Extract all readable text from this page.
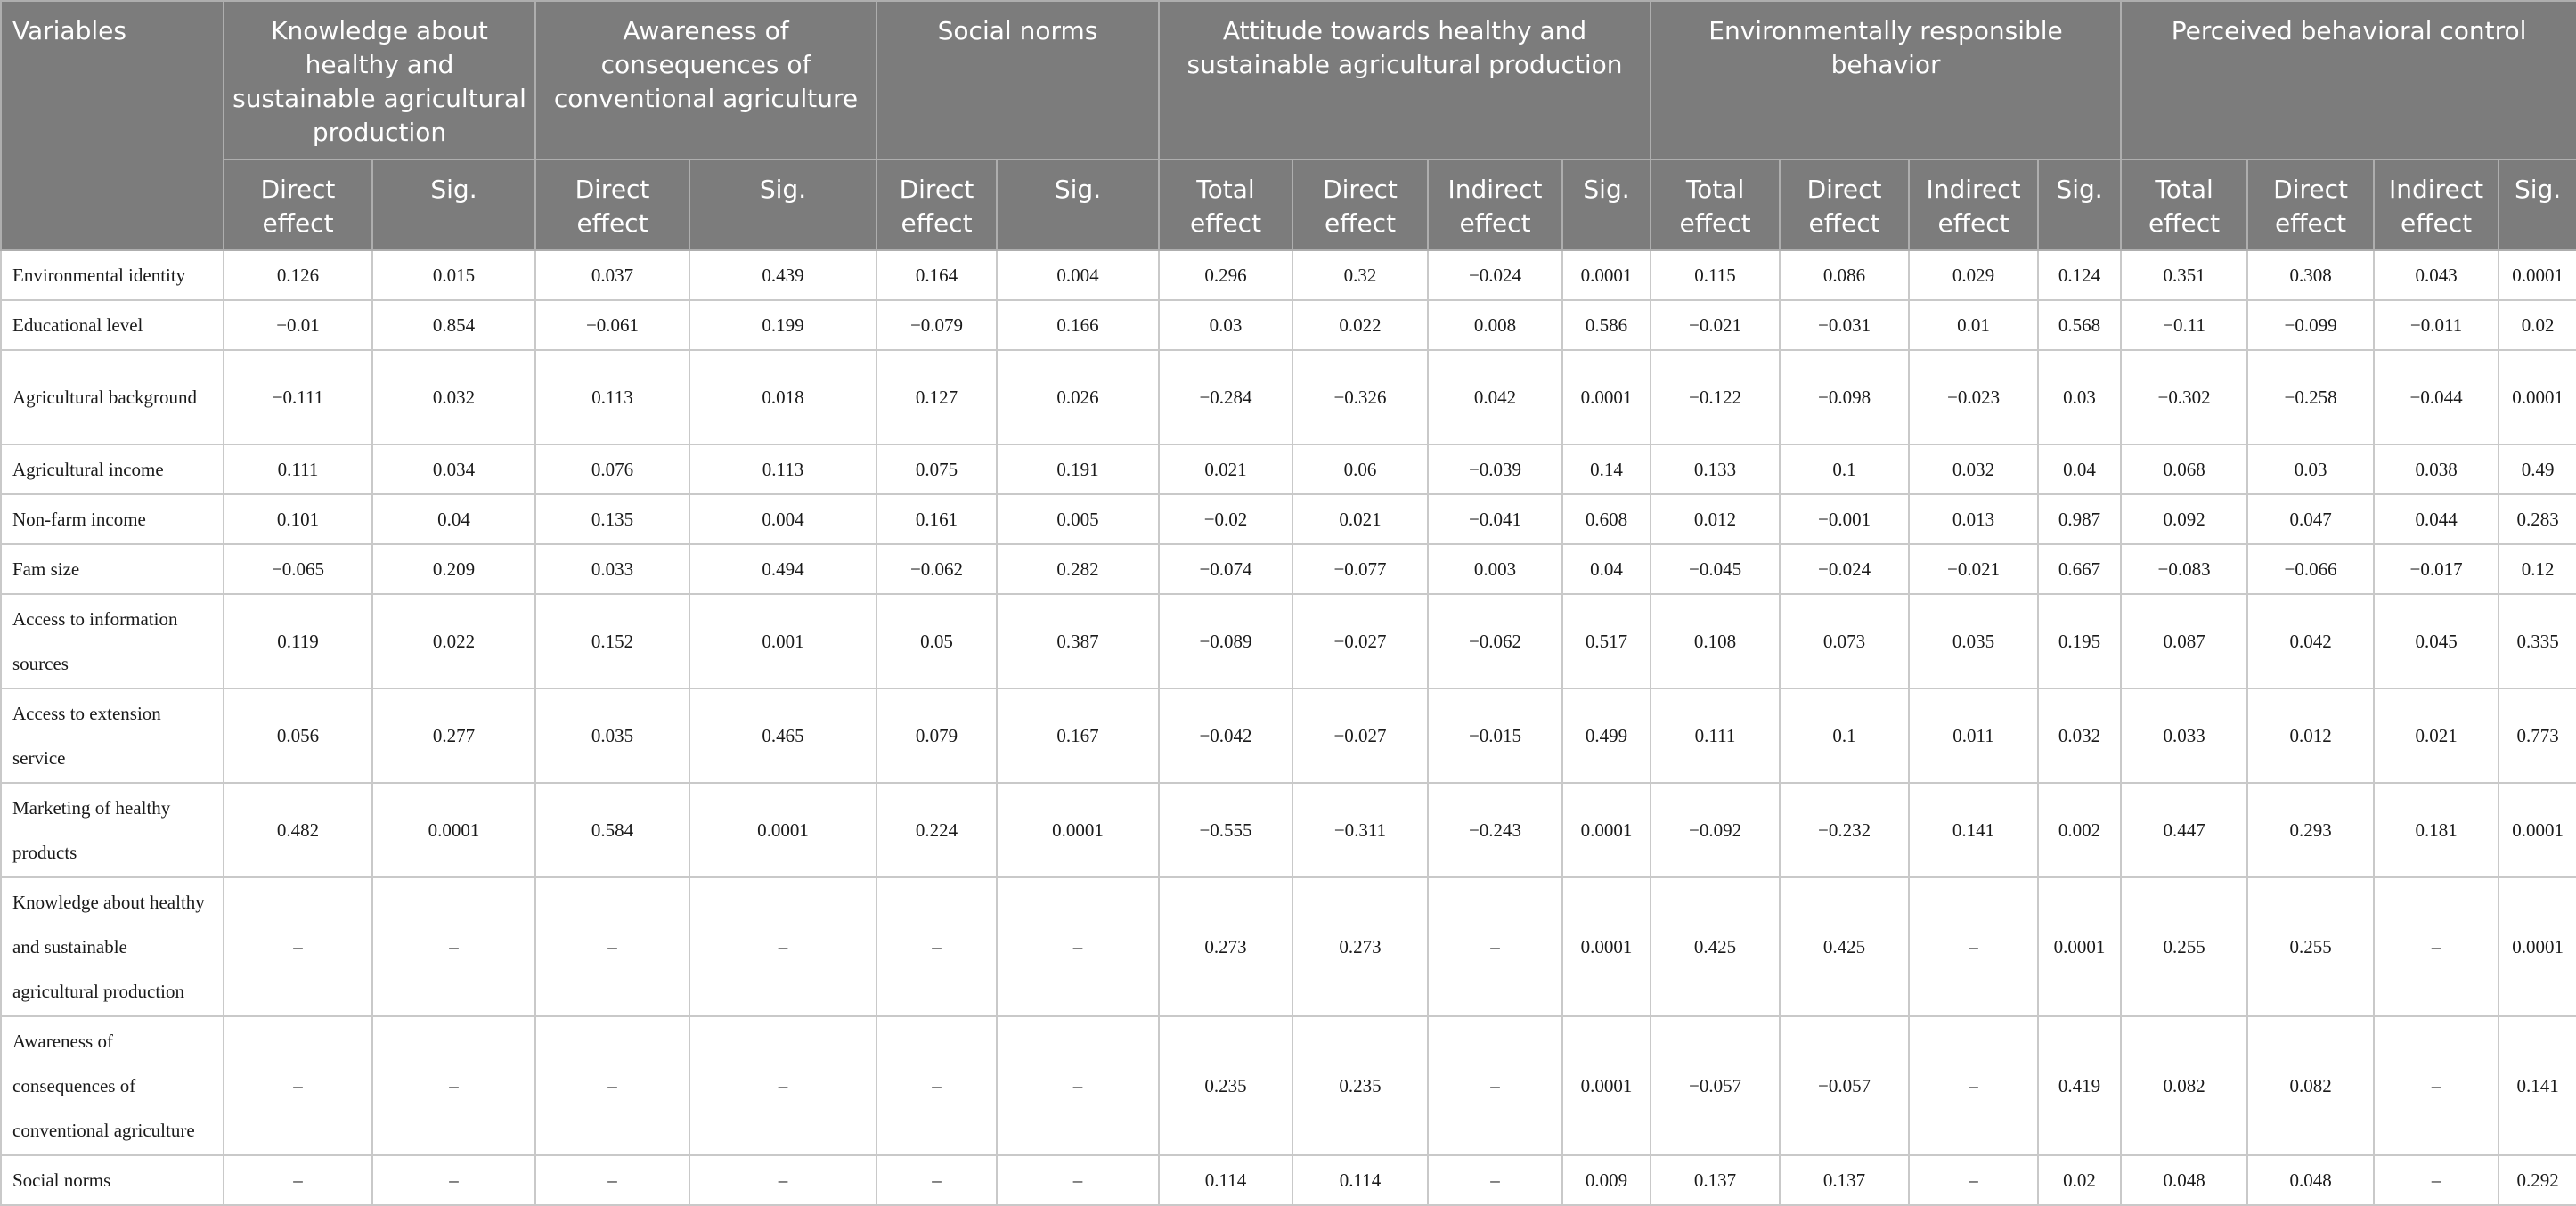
Variables	Knowledge about healthy and sustainable agricultural production		Awareness of consequences of conventional agriculture		Social norms		Attitude towards healthy and sustainable agricultural production				Environmentally responsible behavior				Perceived behavioral control			
	Direct effect	Sig.	Direct effect	Sig.	Direct effect	Sig.	Total effect	Direct effect	Indirect effect	Sig.	Total effect	Direct effect	Indirect effect	Sig.	Total effect	Direct effect	Indirect effect	Sig.
Environmental identity	0.126	0.015	0.037	0.439	0.164	0.004	0.296	0.32	−0.024	0.0001	0.115	0.086	0.029	0.124	0.351	0.308	0.043	0.0001
Educational level	−0.01	0.854	−0.061	0.199	−0.079	0.166	0.03	0.022	0.008	0.586	−0.021	−0.031	0.01	0.568	−0.11	−0.099	−0.011	0.02
Agricultural background	−0.111	0.032	0.113	0.018	0.127	0.026	−0.284	−0.326	0.042	0.0001	−0.122	−0.098	−0.023	0.03	−0.302	−0.258	−0.044	0.0001
Agricultural income	0.111	0.034	0.076	0.113	0.075	0.191	0.021	0.06	−0.039	0.14	0.133	0.1	0.032	0.04	0.068	0.03	0.038	0.49
Non-farm income	0.101	0.04	0.135	0.004	0.161	0.005	−0.02	0.021	−0.041	0.608	0.012	−0.001	0.013	0.987	0.092	0.047	0.044	0.283
Fam size	−0.065	0.209	0.033	0.494	−0.062	0.282	−0.074	−0.077	0.003	0.04	−0.045	−0.024	−0.021	0.667	−0.083	−0.066	−0.017	0.12
Access to information sources	0.119	0.022	0.152	0.001	0.05	0.387	−0.089	−0.027	−0.062	0.517	0.108	0.073	0.035	0.195	0.087	0.042	0.045	0.335
Access to extension service	0.056	0.277	0.035	0.465	0.079	0.167	−0.042	−0.027	−0.015	0.499	0.111	0.1	0.011	0.032	0.033	0.012	0.021	0.773
Marketing of healthy products	0.482	0.0001	0.584	0.0001	0.224	0.0001	−0.555	−0.311	−0.243	0.0001	−0.092	−0.232	0.141	0.002	0.447	0.293	0.181	0.0001
Knowledge about healthy and sustainable agricultural production	–	–	–	–	–	–	0.273	0.273	–	0.0001	0.425	0.425	–	0.0001	0.255	0.255	–	0.0001
Awareness of consequences of conventional agriculture	–	–	–	–	–	–	0.235	0.235	–	0.0001	−0.057	−0.057	–	0.419	0.082	0.082	–	0.141
Social norms	–	–	–	–	–	–	0.114	0.114	–	0.009	0.137	0.137	–	0.02	0.048	0.048	–	0.292
